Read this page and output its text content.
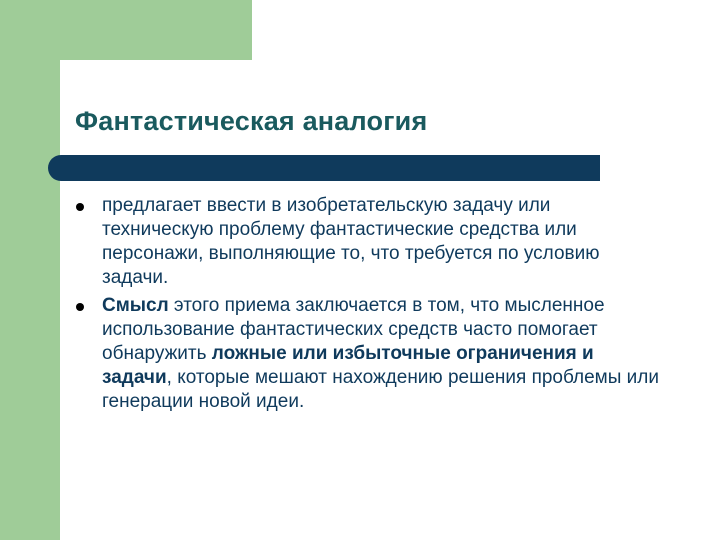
Фантастическая аналогия
предлагает ввести в изобретательскую задачу или техническую проблему фантастические средства или персонажи, выполняющие то, что требуется по условию задачи.
Смысл этого приема заключается в том, что мысленное использование фантастических средств часто помогает обнаружить ложные или избыточные ограничения и задачи, которые мешают нахождению решения проблемы или генерации новой идеи.
